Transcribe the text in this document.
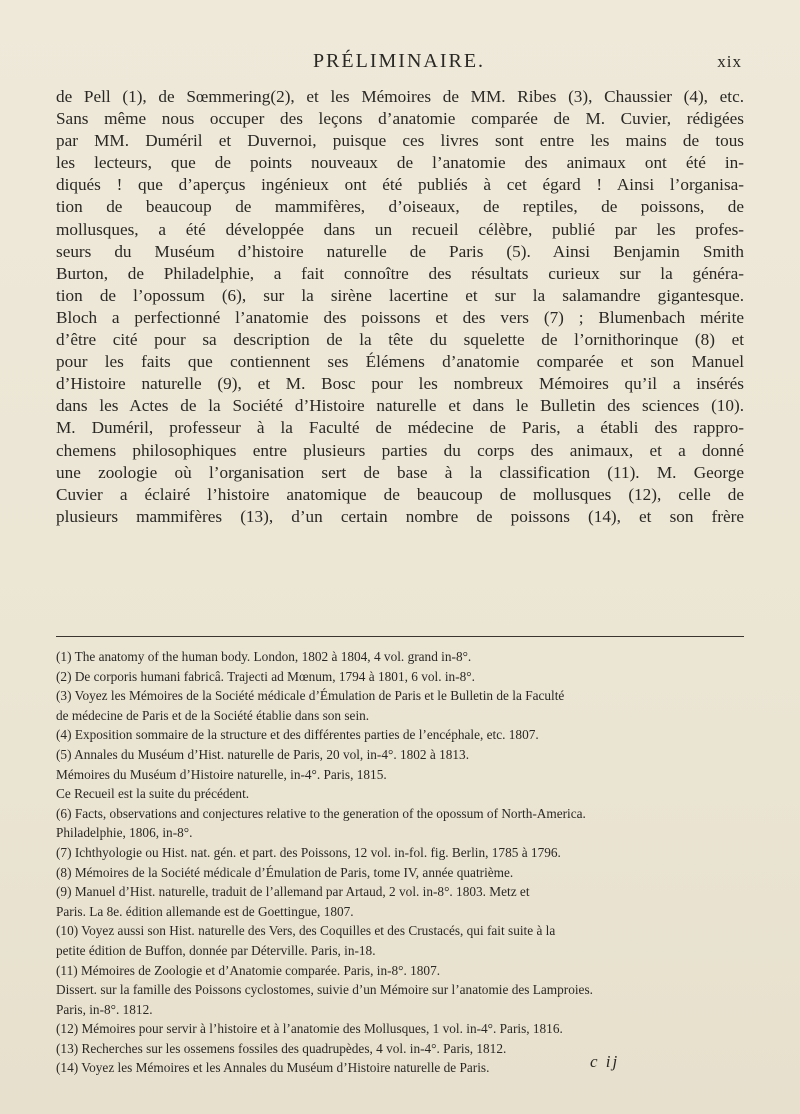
PRÉLIMINAIRE.	xix
de Pell (1), de Sœmmering(2), et les Mémoires de MM. Ribes (3), Chaussier (4), etc.
Sans même nous occuper des leçons d’anatomie comparée de M. Cuvier, rédigées
par MM. Duméril et Duvernoi, puisque ces livres sont entre les mains de tous
les lecteurs, que de points nouveaux de l’anatomie des animaux ont été in-
diqués ! que d’aperçus ingénieux ont été publiés à cet égard ! Ainsi l’organisa-
tion de beaucoup de mammifères, d’oiseaux, de reptiles, de poissons, de
mollusques, a été développée dans un recueil célèbre, publié par les profes-
seurs du Muséum d’histoire naturelle de Paris (5). Ainsi Benjamin Smith
Burton, de Philadelphie, a fait connoître des résultats curieux sur la généra-
tion de l’opossum (6), sur la sirène lacertine et sur la salamandre gigantesque.
Bloch a perfectionné l’anatomie des poissons et des vers (7) ; Blumenbach mérite
d’être cité pour sa description de la tête du squelette de l’ornithorinque (8) et
pour les faits que contiennent ses Élémens d’anatomie comparée et son Manuel
d’Histoire naturelle (9), et M. Bosc pour les nombreux Mémoires qu’il a insérés
dans les Actes de la Société d’Histoire naturelle et dans le Bulletin des sciences (10).
M. Duméril, professeur à la Faculté de médecine de Paris, a établi des rappro-
chemens philosophiques entre plusieurs parties du corps des animaux, et a donné
une zoologie où l’organisation sert de base à la classification (11). M. George
Cuvier a éclairé l’histoire anatomique de beaucoup de mollusques (12), celle de
plusieurs mammifères (13), d’un certain nombre de poissons (14), et son frère
(1) The anatomy of the human body. London, 1802 à 1804, 4 vol. grand in-8°.
(2) De corporis humani fabricâ. Trajecti ad Mœnum, 1794 à 1801, 6 vol. in-8°.
(3) Voyez les Mémoires de la Société médicale d’Émulation de Paris et le Bulletin de la Faculté
de médecine de Paris et de la Société établie dans son sein.
(4) Exposition sommaire de la structure et des différentes parties de l’encéphale, etc. 1807.
(5) Annales du Muséum d’Hist. naturelle de Paris, 20 vol, in-4°. 1802 à 1813.
Mémoires du Muséum d’Histoire naturelle, in-4°. Paris, 1815.
Ce Recueil est la suite du précédent.
(6) Facts, observations and conjectures relative to the generation of the opossum of North-America.
Philadelphie, 1806, in-8°.
(7) Ichthyologie ou Hist. nat. gén. et part. des Poissons, 12 vol. in-fol. fig. Berlin, 1785 à 1796.
(8) Mémoires de la Société médicale d’Émulation de Paris, tome IV, année quatrième.
(9) Manuel d’Hist. naturelle, traduit de l’allemand par Artaud, 2 vol. in-8°. 1803. Metz et
Paris. La 8e. édition allemande est de Goettingue, 1807.
(10) Voyez aussi son Hist. naturelle des Vers, des Coquilles et des Crustacés, qui fait suite à la
petite édition de Buffon, donnée par Déterville. Paris, in-18.
(11) Mémoires de Zoologie et d’Anatomie comparée. Paris, in-8°. 1807.
Dissert. sur la famille des Poissons cyclostomes, suivie d’un Mémoire sur l’anatomie des Lamproies.
Paris, in-8°. 1812.
(12) Mémoires pour servir à l’histoire et à l’anatomie des Mollusques, 1 vol. in-4°. Paris, 1816.
(13) Recherches sur les ossemens fossiles des quadrupèdes, 4 vol. in-4°. Paris, 1812.
(14) Voyez les Mémoires et les Annales du Muséum d’Histoire naturelle de Paris.	c ij
